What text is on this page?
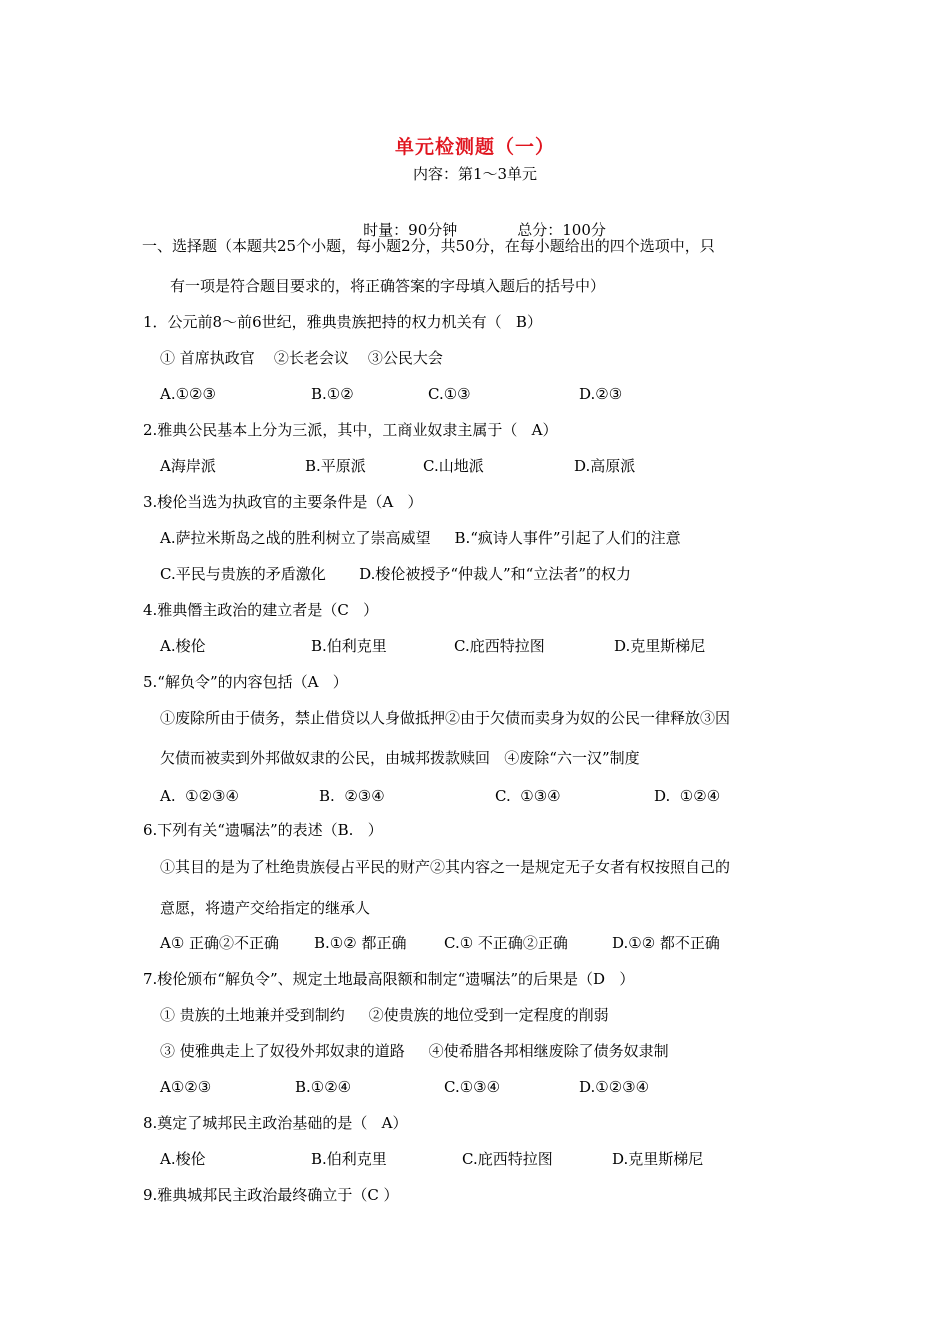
单元检测题（一）
内容：第1～3单元

时量：90分钟	总分：100分

一、选择题（本题共25个小题，每小题2分，共50分，在每小题给出的四个选项中，只
有一项是符合题目要求的，将正确答案的字母填入题后的括号中）
1．公元前8～前6世纪，雅典贵族把持的权力机关有（   B）
① 首席执政官    ②长老会议    ③公民大会
A.①②③	B.①②	C.①③	D.②③
2.雅典公民基本上分为三派，其中，工商业奴隶主属于（   A）
A海岸派	B.平原派	C.山地派	D.高原派
3.梭伦当选为执政官的主要条件是（A   ）
A.萨拉米斯岛之战的胜利树立了崇高威望     B.“疯诗人事件”引起了人们的注意
C.平民与贵族的矛盾激化       D.梭伦被授予“仲裁人”和“立法者”的权力
4.雅典僭主政治的建立者是（C   ）
A.梭伦	B.伯利克里	C.庇西特拉图	D.克里斯梯尼
5.“解负令”的内容包括（A   ）
①废除所由于债务，禁止借贷以人身做抵押②由于欠债而卖身为奴的公民一律释放③因
欠债而被卖到外邦做奴隶的公民，由城邦拨款赎回   ④废除“六一汉”制度
A.  ①②③④	B.  ②③④	C.  ①③④	D.  ①②④
6.下列有关“遗嘱法”的表述（B.   ）
①其目的是为了杜绝贵族侵占平民的财产②其内容之一是规定无子女者有权按照自己的
意愿，将遗产交给指定的继承人
A① 正确②不正确 B.①② 都正确	C.① 不正确②正确	D.①② 都不正确
7.梭伦颁布“解负令”、规定土地最高限额和制定“遗嘱法”的后果是（D   ）
① 贵族的土地兼并受到制约     ②使贵族的地位受到一定程度的削弱
③ 使雅典走上了奴役外邦奴隶的道路     ④使希腊各邦相继废除了债务奴隶制
A①②③	B.①②④	C.①③④	D.①②③④
8.奠定了城邦民主政治基础的是（   A）
A.梭伦	B.伯利克里	C.庇西特拉图	D.克里斯梯尼
9.雅典城邦民主政治最终确立于（C ）
